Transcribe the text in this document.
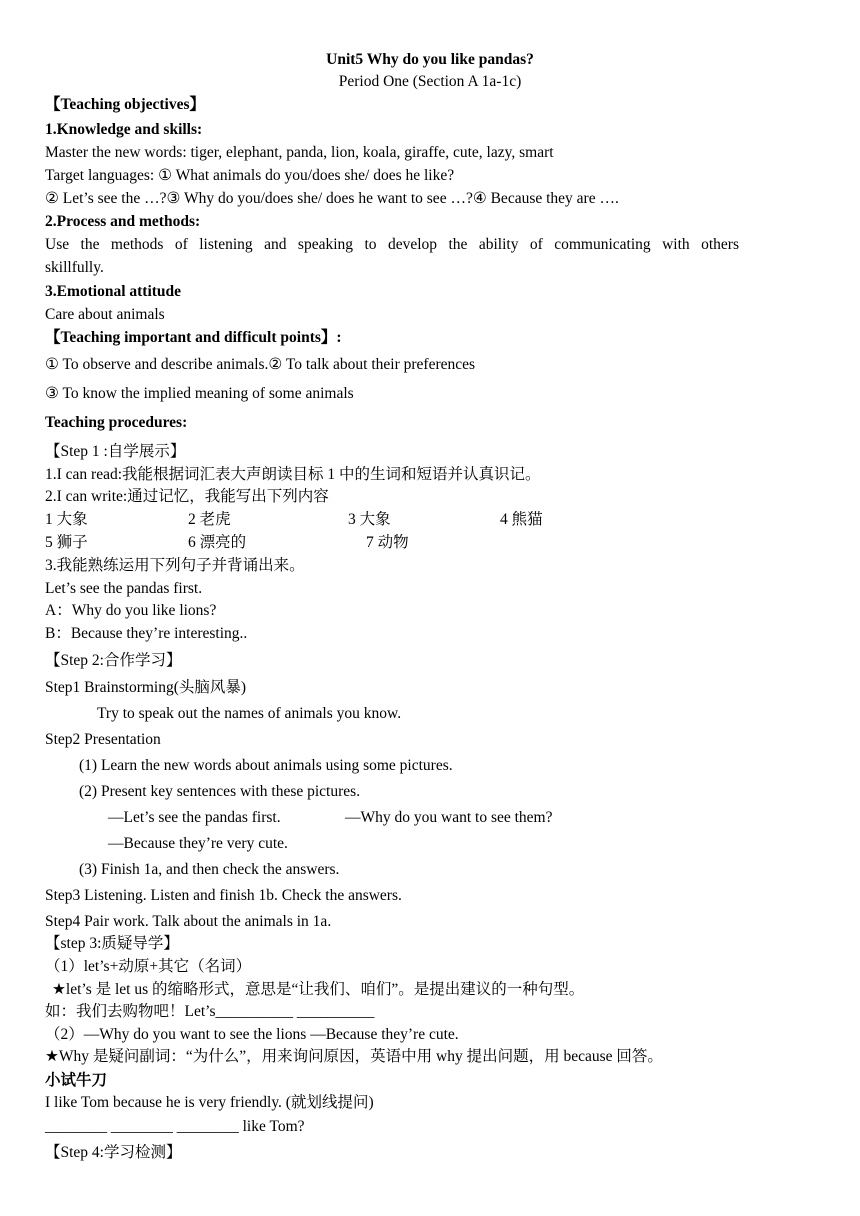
Unit5 Why do you like pandas?
Period One (Section A 1a-1c)
【Teaching objectives】
1.Knowledge and skills:
Master the new words: tiger, elephant, panda, lion, koala, giraffe, cute, lazy, smart
Target languages: ① What animals do you/does she/ does he like?
② Let’s see the …?③ Why do you/does she/ does he want to see …?④ Because they are ….
2.Process and methods:
Use the methods of listening and speaking to develop the ability of communicating with others
skillfully.
3.Emotional attitude
Care about animals
【Teaching important and difficult points】:
① To observe and describe animals.② To talk about their preferences
③ To know the implied meaning of some animals
Teaching procedures:
【Step 1 :自学展示】
1.I can read:我能根据词汇表大声朗读目标 1 中的生词和短语并认真识记。
2.I can write:通过记忆，我能写出下列内容
1 大象	2 老虎	3 大象	4 熊猫
5 狮子	6 漂亮的	7 动物
3.我能熟练运用下列句子并背诵出来。
Let’s see the pandas first.
A：Why do you like lions?
B：Because they’re interesting..
【Step 2:合作学习】
Step1 Brainstorming(头脑风暴)
Try to speak out the names of animals you know.
Step2 Presentation
(1) Learn the new words about animals using some pictures.
(2) Present key sentences with these pictures.
—Let’s see the pandas first.	—Why do you want to see them?
—Because they’re very cute.
(3) Finish 1a, and then check the answers.
Step3 Listening. Listen and finish 1b. Check the answers.
Step4 Pair work. Talk about the animals in 1a.
【step 3:质疑导学】
（1）let’s+动原+其它（名词）
★let’s 是 let us 的缩略形式，意思是“让我们、咱们”。是提出建议的一种句型。
如：我们去购物吧！Let’s__________ __________
（2）—Why do you want to see the lions —Because they’re cute.
★Why 是疑问副词：“为什么”，用来询问原因，英语中用 why 提出问题，用 because 回答。
小试牛刀
I like Tom because he is very friendly. (就划线提问)
________ ________ ________ like Tom?
【Step 4:学习检测】
